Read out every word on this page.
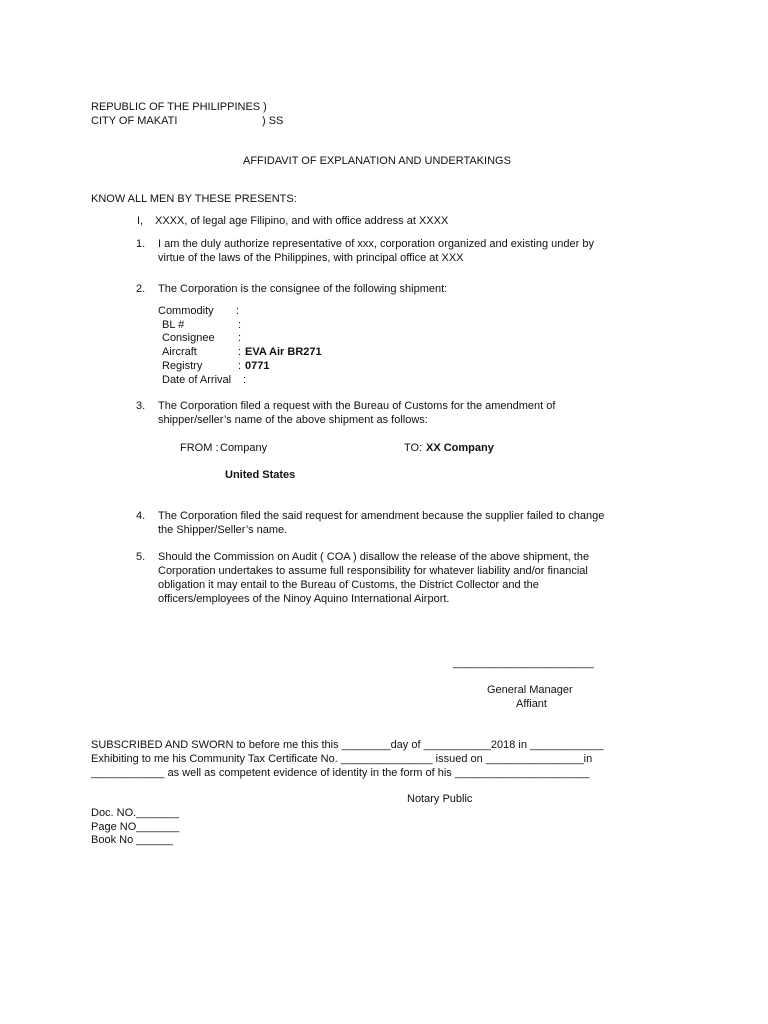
REPUBLIC OF THE PHILIPPINES )
CITY OF MAKATI	) SS
AFFIDAVIT OF EXPLANATION AND UNDERTAKINGS
KNOW ALL MEN BY THESE PRESENTS:
I, XXXX, of legal age Filipino, and with office address at XXXX
1. I am the duly authorize representative of xxx, corporation organized and existing under by
virtue of the laws of the Philippines, with principal office at XXX
2. The Corporation is the consignee of the following shipment:
Commodity :
BL #	:
Consignee :
Aircraft	: EVA Air BR271
Registry	: 0771
Date of Arrival :
3. The Corporation filed a request with the Bureau of Customs for the amendment of
shipper/seller’s name of the above shipment as follows:
FROM : Company	TO: XX Company
United States
4. The Corporation filed the said request for amendment because the supplier failed to change
the Shipper/Seller’s name.
5. Should the Commission on Audit ( COA ) disallow the release of the above shipment, the
Corporation undertakes to assume full responsibility for whatever liability and/or financial
obligation it may entail to the Bureau of Customs, the District Collector and the
officers/employees of the Ninoy Aquino International Airport.
_______________________
General Manager
Affiant
SUBSCRIBED AND SWORN to before me this this ________day of ___________2018 in ____________
Exhibiting to me his Community Tax Certificate No. _______________ issued on ________________in
____________ as well as competent evidence of identity in the form of his ______________________
Notary Public
Doc. NO._______
Page NO_______
Book No ______
